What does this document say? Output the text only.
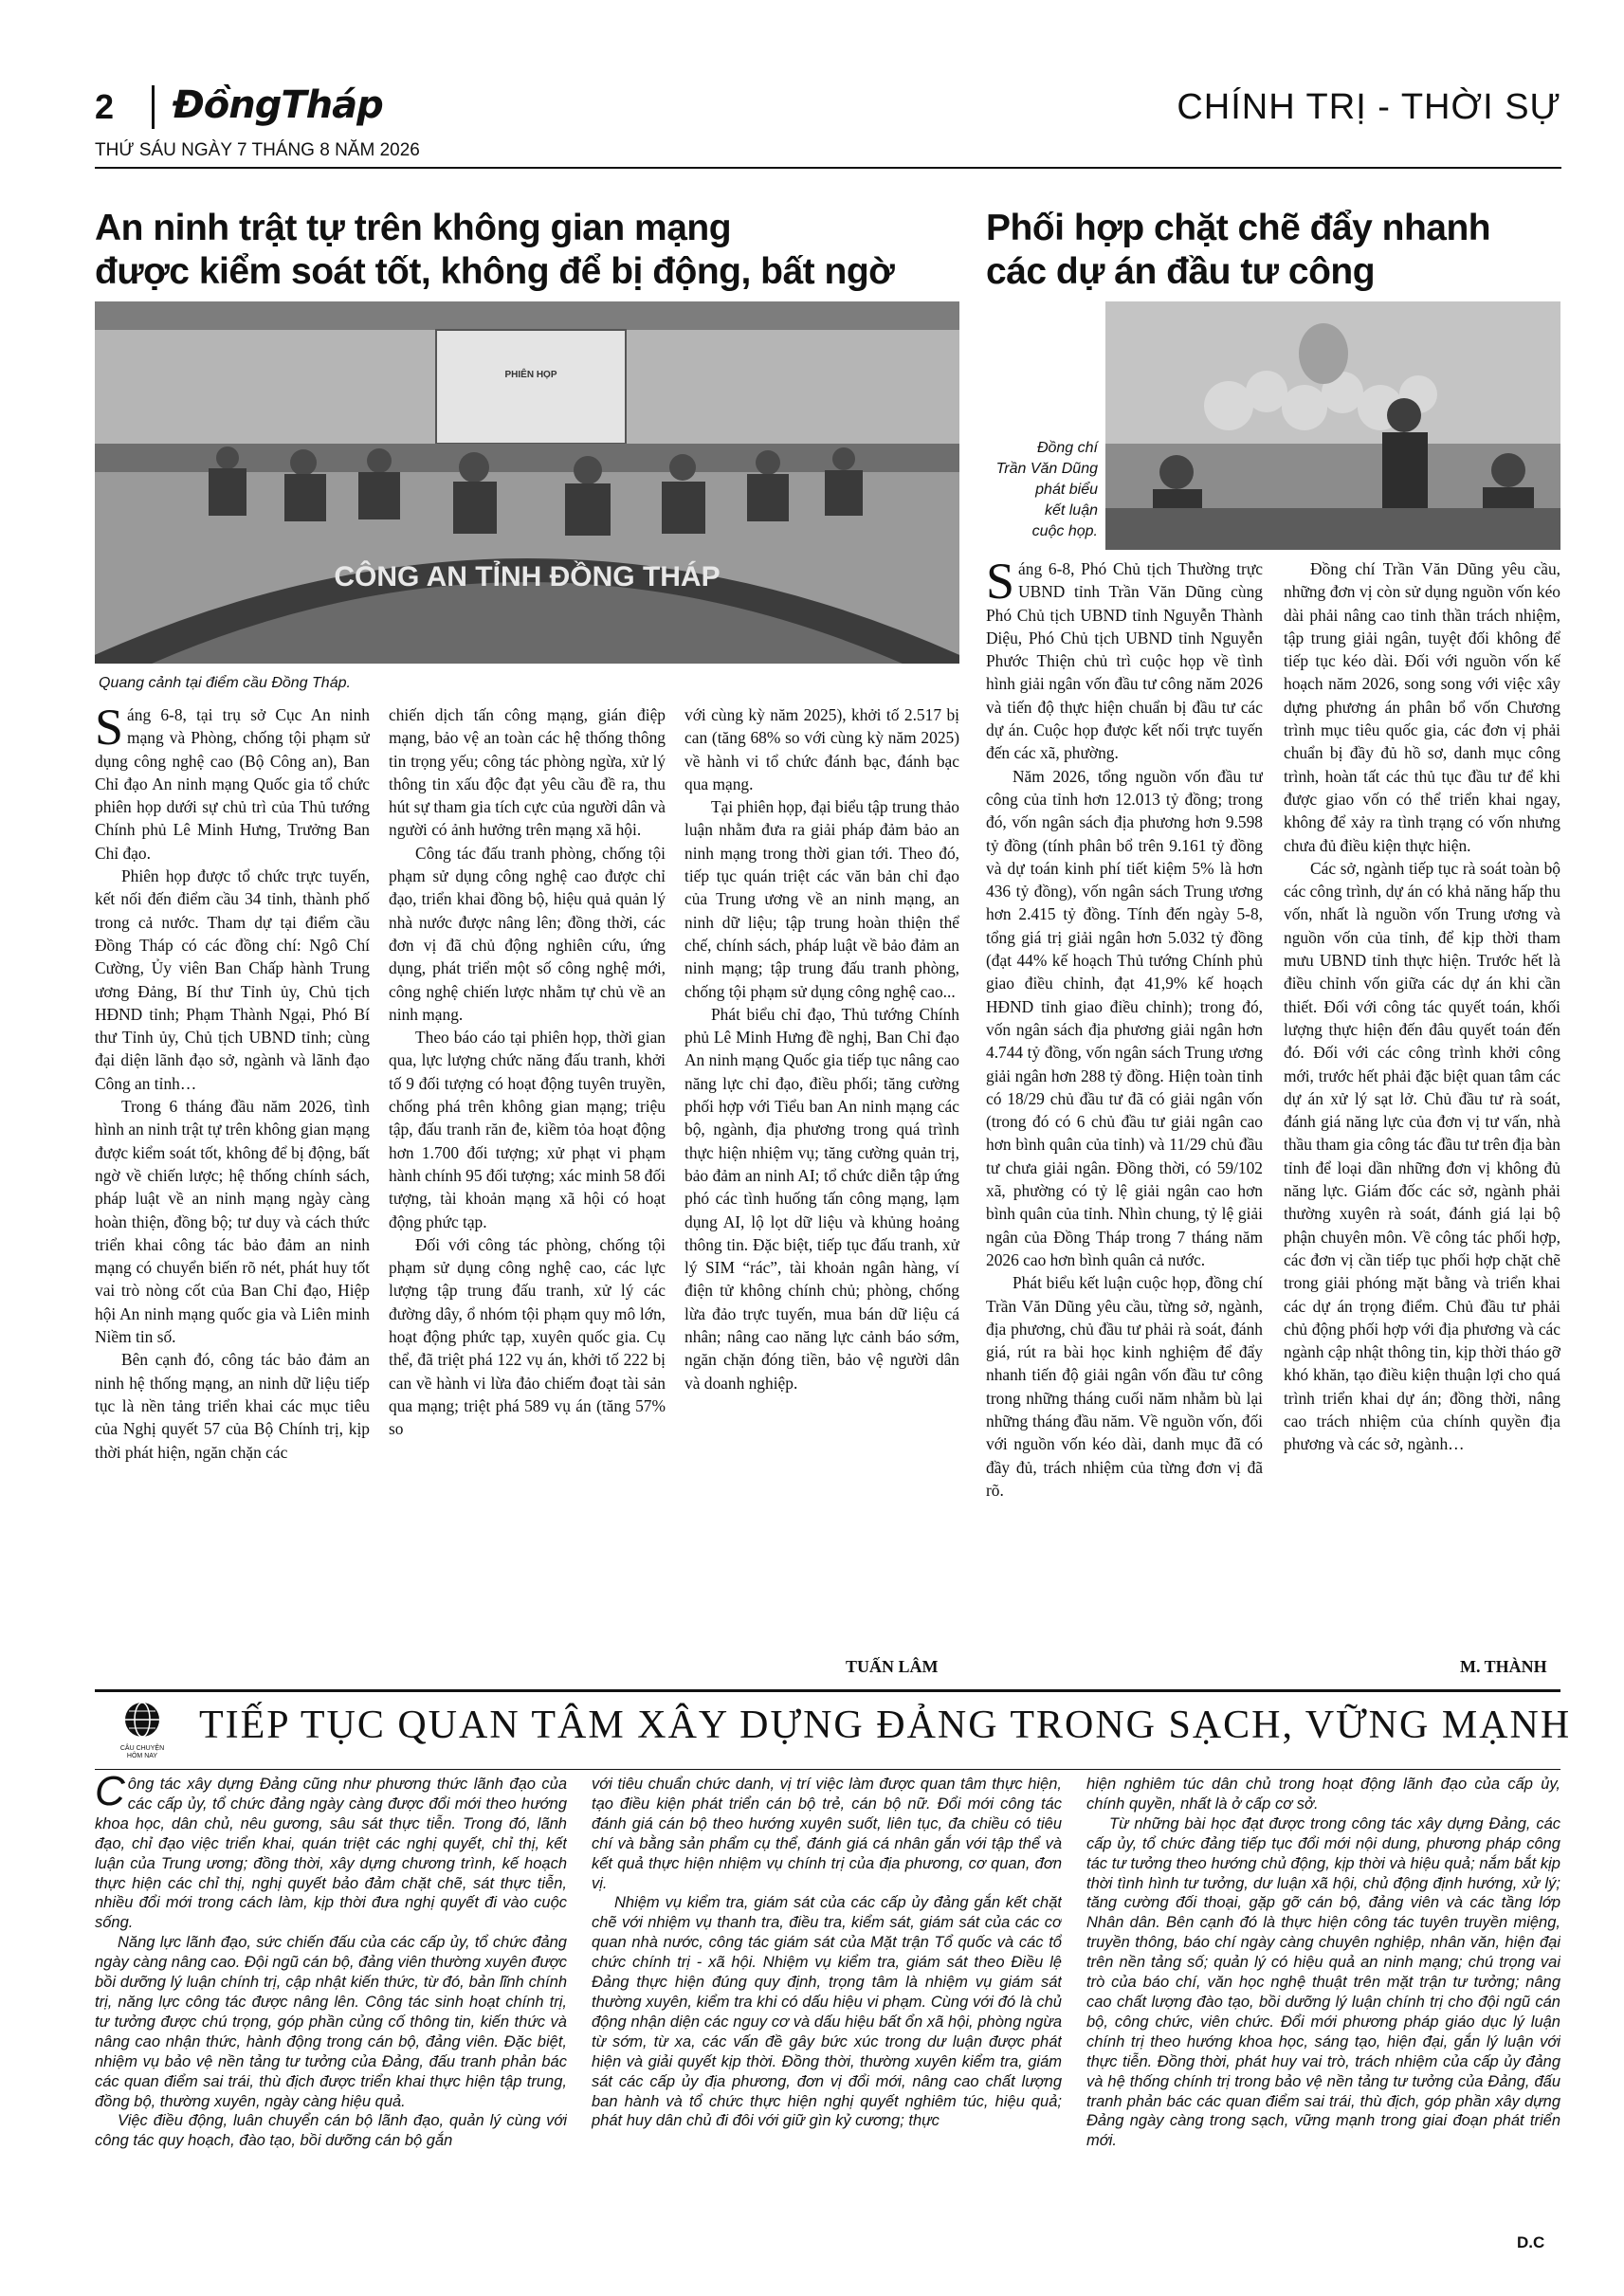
2 ĐồngTháp	CHÍNH TRỊ - THỜI SỰ
THỨ SÁU NGÀY 7 THÁNG 8 NĂM 2026
An ninh trật tự trên không gian mạng
được kiểm soát tốt, không để bị động, bất ngờ
PHIÊN HỌP
CÔNG AN TỈNH ĐỒNG THÁP
Quang cảnh tại điểm cầu Đồng Tháp.
S áng 6-8, tại trụ sở Cục An ninh mạng và Phòng, chống tội phạm sử dụng công nghệ cao (Bộ Công an), Ban Chỉ đạo An ninh mạng Quốc gia tổ chức phiên họp dưới sự chủ trì của Thủ tướng Chính phủ Lê Minh Hưng, Trưởng Ban Chỉ đạo.

Phiên họp được tổ chức trực tuyến, kết nối đến điểm cầu 34 tỉnh, thành phố trong cả nước. Tham dự tại điểm cầu Đồng Tháp có các đồng chí: Ngô Chí Cường, Ủy viên Ban Chấp hành Trung ương Đảng, Bí thư Tỉnh ủy, Chủ tịch HĐND tỉnh; Phạm Thành Ngại, Phó Bí thư Tỉnh ủy, Chủ tịch UBND tỉnh; cùng đại diện lãnh đạo sở, ngành và lãnh đạo Công an tỉnh…

Trong 6 tháng đầu năm 2026, tình hình an ninh trật tự trên không gian mạng được kiểm soát tốt, không để bị động, bất ngờ về chiến lược; hệ thống chính sách, pháp luật về an ninh mạng ngày càng hoàn thiện, đồng bộ; tư duy và cách thức triển khai công tác bảo đảm an ninh mạng có chuyển biến rõ nét, phát huy tốt vai trò nòng cốt của Ban Chỉ đạo, Hiệp hội An ninh mạng quốc gia và Liên minh Niềm tin số.

Bên cạnh đó, công tác bảo đảm an ninh hệ thống mạng, an ninh dữ liệu tiếp tục là nền tảng triển khai các mục tiêu của Nghị quyết 57 của Bộ Chính trị, kịp thời phát hiện, ngăn chặn các

chiến dịch tấn công mạng, gián điệp mạng, bảo vệ an toàn các hệ thống thông tin trọng yếu; công tác phòng ngừa, xử lý thông tin xấu độc đạt yêu cầu đề ra, thu hút sự tham gia tích cực của người dân và người có ảnh hưởng trên mạng xã hội.

Công tác đấu tranh phòng, chống tội phạm sử dụng công nghệ cao được chỉ đạo, triển khai đồng bộ, hiệu quả quản lý nhà nước được nâng lên; đồng thời, các đơn vị đã chủ động nghiên cứu, ứng dụng, phát triển một số công nghệ mới, công nghệ chiến lược nhằm tự chủ về an ninh mạng.

Theo báo cáo tại phiên họp, thời gian qua, lực lượng chức năng đấu tranh, khởi tố 9 đối tượng có hoạt động tuyên truyền, chống phá trên không gian mạng; triệu tập, đấu tranh răn đe, kiềm tỏa hoạt động hơn 1.700 đối tượng; xử phạt vi phạm hành chính 95 đối tượng; xác minh 58 đối tượng, tài khoản mạng xã hội có hoạt động phức tạp.

Đối với công tác phòng, chống tội phạm sử dụng công nghệ cao, các lực lượng tập trung đấu tranh, xử lý các đường dây, ổ nhóm tội phạm quy mô lớn, hoạt động phức tạp, xuyên quốc gia. Cụ thể, đã triệt phá 122 vụ án, khởi tố 222 bị can về hành vi lừa đảo chiếm đoạt tài sản qua mạng; triệt phá 589 vụ án (tăng 57% so

với cùng kỳ năm 2025), khởi tố 2.517 bị can (tăng 68% so với cùng kỳ năm 2025) về hành vi tổ chức đánh bạc, đánh bạc qua mạng.

Tại phiên họp, đại biểu tập trung thảo luận nhằm đưa ra giải pháp đảm bảo an ninh mạng trong thời gian tới. Theo đó, tiếp tục quán triệt các văn bản chỉ đạo của Trung ương về an ninh mạng, an ninh dữ liệu; tập trung hoàn thiện thể chế, chính sách, pháp luật về bảo đảm an ninh mạng; tập trung đấu tranh phòng, chống tội phạm sử dụng công nghệ cao...

Phát biểu chỉ đạo, Thủ tướng Chính phủ Lê Minh Hưng đề nghị, Ban Chỉ đạo An ninh mạng Quốc gia tiếp tục nâng cao năng lực chỉ đạo, điều phối; tăng cường phối hợp với Tiểu ban An ninh mạng các bộ, ngành, địa phương trong quá trình thực hiện nhiệm vụ; tăng cường quản trị, bảo đảm an ninh AI; tổ chức diễn tập ứng phó các tình huống tấn công mạng, lạm dụng AI, lộ lọt dữ liệu và khủng hoảng thông tin. Đặc biệt, tiếp tục đấu tranh, xử lý SIM “rác”, tài khoản ngân hàng, ví điện tử không chính chủ; phòng, chống lừa đảo trực tuyến, mua bán dữ liệu cá nhân; nâng cao năng lực cảnh báo sớm, ngăn chặn đóng tiền, bảo vệ người dân và doanh nghiệp.

TUẤN LÂM
Phối hợp chặt chẽ đẩy nhanh
các dự án đầu tư công
Đồng chí
Trần Văn Dũng
phát biểu
kết luận
cuộc họp.
S áng 6-8, Phó Chủ tịch Thường trực UBND tỉnh Trần Văn Dũng cùng Phó Chủ tịch UBND tỉnh Nguyễn Thành Diệu, Phó Chủ tịch UBND tỉnh Nguyễn Phước Thiện chủ trì cuộc họp về tình hình giải ngân vốn đầu tư công năm 2026 và tiến độ thực hiện chuẩn bị đầu tư các dự án. Cuộc họp được kết nối trực tuyến đến các xã, phường.

Năm 2026, tổng nguồn vốn đầu tư công của tỉnh hơn 12.013 tỷ đồng; trong đó, vốn ngân sách địa phương hơn 9.598 tỷ đồng (tính phân bổ trên 9.161 tỷ đồng và dự toán kinh phí tiết kiệm 5% là hơn 436 tỷ đồng), vốn ngân sách Trung ương hơn 2.415 tỷ đồng. Tính đến ngày 5-8, tổng giá trị giải ngân hơn 5.032 tỷ đồng (đạt 44% kế hoạch Thủ tướng Chính phủ giao điều chỉnh, đạt 41,9% kế hoạch HĐND tỉnh giao điều chỉnh); trong đó, vốn ngân sách địa phương giải ngân hơn 4.744 tỷ đồng, vốn ngân sách Trung ương giải ngân hơn 288 tỷ đồng. Hiện toàn tỉnh có 18/29 chủ đầu tư đã có giải ngân vốn (trong đó có 6 chủ đầu tư giải ngân cao hơn bình quân của tỉnh) và 11/29 chủ đầu tư chưa giải ngân. Đồng thời, có 59/102 xã, phường có tỷ lệ giải ngân cao hơn bình quân của tỉnh. Nhìn chung, tỷ lệ giải ngân của Đồng Tháp trong 7 tháng năm 2026 cao hơn bình quân cả nước.

Phát biểu kết luận cuộc họp, đồng chí Trần Văn Dũng yêu cầu, từng sở, ngành, địa phương, chủ đầu tư phải rà soát, đánh giá, rút ra bài học kinh nghiệm để đẩy nhanh tiến độ giải ngân vốn đầu tư công trong những tháng cuối năm nhằm bù lại những tháng đầu năm. Về nguồn vốn, đối với nguồn vốn kéo dài, danh mục đã có đầy đủ, trách nhiệm của từng đơn vị đã rõ.

Đồng chí Trần Văn Dũng yêu cầu, những đơn vị còn sử dụng nguồn vốn kéo dài phải nâng cao tinh thần trách nhiệm, tập trung giải ngân, tuyệt đối không để tiếp tục kéo dài. Đối với nguồn vốn kế hoạch năm 2026, song song với việc xây dựng phương án phân bổ vốn Chương trình mục tiêu quốc gia, các đơn vị phải chuẩn bị đầy đủ hồ sơ, danh mục công trình, hoàn tất các thủ tục đầu tư để khi được giao vốn có thể triển khai ngay, không để xảy ra tình trạng có vốn nhưng chưa đủ điều kiện thực hiện.

Các sở, ngành tiếp tục rà soát toàn bộ các công trình, dự án có khả năng hấp thu vốn, nhất là nguồn vốn Trung ương và nguồn vốn của tỉnh, để kịp thời tham mưu UBND tỉnh thực hiện. Trước hết là điều chỉnh vốn giữa các dự án khi cần thiết. Đối với công tác quyết toán, khối lượng thực hiện đến đâu quyết toán đến đó. Đối với các công trình khởi công mới, trước hết phải đặc biệt quan tâm các dự án xử lý sạt lở. Chủ đầu tư rà soát, đánh giá năng lực của đơn vị tư vấn, nhà thầu tham gia công tác đầu tư trên địa bàn tỉnh để loại dần những đơn vị không đủ năng lực. Giám đốc các sở, ngành phải thường xuyên rà soát, đánh giá lại bộ phận chuyên môn. Về công tác phối hợp, các đơn vị cần tiếp tục phối hợp chặt chẽ trong giải phóng mặt bằng và triển khai các dự án trọng điểm. Chủ đầu tư phải chủ động phối hợp với địa phương và các ngành cập nhật thông tin, kịp thời tháo gỡ khó khăn, tạo điều kiện thuận lợi cho quá trình triển khai dự án; đồng thời, nâng cao trách nhiệm của chính quyền địa phương và các sở, ngành…

M. THÀNH
CÂU CHUYỆN HÔM NAY
TIẾP TỤC QUAN TÂM XÂY DỰNG ĐẢNG TRONG SẠCH, VỮNG MẠNH
C ông tác xây dựng Đảng cũng như phương thức lãnh đạo của các cấp ủy, tổ chức đảng ngày càng được đổi mới theo hướng khoa học, dân chủ, nêu gương, sâu sát thực tiễn. Trong đó, lãnh đạo, chỉ đạo việc triển khai, quán triệt các nghị quyết, chỉ thị, kết luận của Trung ương; đồng thời, xây dựng chương trình, kế hoạch thực hiện các chỉ thị, nghị quyết bảo đảm chặt chẽ, sát thực tiễn, nhiều đổi mới trong cách làm, kịp thời đưa nghị quyết đi vào cuộc sống.

Năng lực lãnh đạo, sức chiến đấu của các cấp ủy, tổ chức đảng ngày càng nâng cao. Đội ngũ cán bộ, đảng viên thường xuyên được bồi dưỡng lý luận chính trị, cập nhật kiến thức, từ đó, bản lĩnh chính trị, năng lực công tác được nâng lên. Công tác sinh hoạt chính trị, tư tưởng được chú trọng, góp phần củng cố thông tin, kiến thức và nâng cao nhận thức, hành động trong cán bộ, đảng viên. Đặc biệt, nhiệm vụ bảo vệ nền tảng tư tưởng của Đảng, đấu tranh phản bác các quan điểm sai trái, thù địch được triển khai thực hiện tập trung, đồng bộ, thường xuyên, ngày càng hiệu quả.

Việc điều động, luân chuyển cán bộ lãnh đạo, quản lý cùng với công tác quy hoạch, đào tạo, bồi dưỡng cán bộ gắn

với tiêu chuẩn chức danh, vị trí việc làm được quan tâm thực hiện, tạo điều kiện phát triển cán bộ trẻ, cán bộ nữ. Đổi mới công tác đánh giá cán bộ theo hướng xuyên suốt, liên tục, đa chiều có tiêu chí và bằng sản phẩm cụ thể, đánh giá cá nhân gắn với tập thể và kết quả thực hiện nhiệm vụ chính trị của địa phương, cơ quan, đơn vị.

Nhiệm vụ kiểm tra, giám sát của các cấp ủy đảng gắn kết chặt chẽ với nhiệm vụ thanh tra, điều tra, kiểm sát, giám sát của các cơ quan nhà nước, công tác giám sát của Mặt trận Tổ quốc và các tổ chức chính trị - xã hội. Nhiệm vụ kiểm tra, giám sát theo Điều lệ Đảng thực hiện đúng quy định, trọng tâm là nhiệm vụ giám sát thường xuyên, kiểm tra khi có dấu hiệu vi phạm. Cùng với đó là chủ động nhận diện các nguy cơ và dấu hiệu bất ổn xã hội, phòng ngừa từ sớm, từ xa, các vấn đề gây bức xúc trong dư luận được phát hiện và giải quyết kịp thời. Đồng thời, thường xuyên kiểm tra, giám sát các cấp ủy địa phương, đơn vị đổi mới, nâng cao chất lượng ban hành và tổ chức thực hiện nghị quyết nghiêm túc, hiệu quả; phát huy dân chủ đi đôi với giữ gìn kỷ cương; thực

hiện nghiêm túc dân chủ trong hoạt động lãnh đạo của cấp ủy, chính quyền, nhất là ở cấp cơ sở.

Từ những bài học đạt được trong công tác xây dựng Đảng, các cấp ủy, tổ chức đảng tiếp tục đổi mới nội dung, phương pháp công tác tư tưởng theo hướng chủ động, kịp thời và hiệu quả; nắm bắt kịp thời tình hình tư tưởng, dư luận xã hội, chủ động định hướng, xử lý; tăng cường đối thoại, gặp gỡ cán bộ, đảng viên và các tầng lớp Nhân dân. Bên cạnh đó là thực hiện công tác tuyên truyền miệng, truyền thông, báo chí ngày càng chuyên nghiệp, nhân văn, hiện đại trên nền tảng số; quản lý có hiệu quả an ninh mạng; chú trọng vai trò của báo chí, văn học nghệ thuật trên mặt trận tư tưởng; nâng cao chất lượng đào tạo, bồi dưỡng lý luận chính trị cho đội ngũ cán bộ, công chức, viên chức. Đổi mới phương pháp giáo dục lý luận chính trị theo hướng khoa học, sáng tạo, hiện đại, gắn lý luận với thực tiễn. Đồng thời, phát huy vai trò, trách nhiệm của cấp ủy đảng và hệ thống chính trị trong bảo vệ nền tảng tư tưởng của Đảng, đấu tranh phản bác các quan điểm sai trái, thù địch, góp phần xây dựng Đảng ngày càng trong sạch, vững mạnh trong giai đoạn phát triển mới.

D.C
